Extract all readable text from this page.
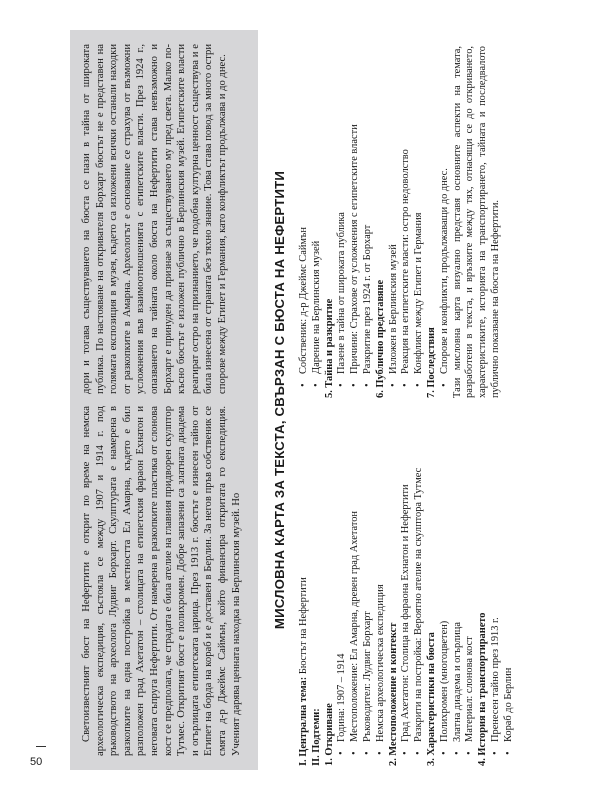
50

Светоизвестният бюст на Нефертити е открит по време на немска археологическа експедиция, състояла се между 1907 и 1914 г. под ръководството на археолога Лудвиг Борхарт. Скулптурата е намерена в разкопките на една постройка в местността Ел Амарна, където е бил разположен град Ахетатон – столицата на египетския фараон Ехнатон и неговата съпруга Нефертити. От намерена в разкопките пластика от слонова кост се предполага, че сградата е била ателие на главния придворен скулптор Тутмес. Откритият бюст е полихромен. Добре запазени са златната диадема и огърлицата египетската царица. През 1913 г. бюстът е изнесен тайно от Египет на борда на кораб и е доставен в Берлин. За негов пръв собственик се смята д-р Джеймс Саймън, който финансира откритата го експедиция. Ученият дарява ценната находка на Берлинския музей. Но

дори и тогава съществуването на бюста се пази в тайна от широката публика. По настояване на откривателя Борхарт бюстът не е представен на голямата експозиция в музея, където са изложени всички останали находки от разкопките в Амарна. Археологът е основание се страхува от възможни усложнения във взаимоотношенията с египетските власти. През 1924 г., опазването на тайната около бюста на Нефертити става невъзможно и Борхарт е принуден да признае за съществуването му пред света. Малко по-късно бюстът е изложен публично в Берлинския музей. Египетските власти реагират остро на признанието, че подобна културна ценност съществува и е била изнесена от страната без тяхно знание. Това става повод за много остри спорове между Египет и Германия, като конфликтът продължава и до днес.	МИСЛОВНА КАРТА ЗА ТЕКСТА, СВЪРЗАН С БЮСТА НА НЕФЕРТИТИ
I. Централна тема: Бюстът на Нефертити
II. Подтеми: 1. Откриване • Година: 1907 – 1914 • Местоположение: Ел Амарна, древен град Ахетатон • Ръководител: Лудвиг Борхарт • Немска археологическа експедиция 2. Местоположение и контекст • Град Ахетатон: Столица на фараона Ехнатон и Нефертити • Разкрити на постройка: Вероятно ателие на скулптора Тутмес 3. Характеристики на бюста • Полихромен (многоцветен) • Златна диадема и огърлица • Материал: слонова кост 4. История на транспортирането • Пренесен тайно през 1913 г. • Кораб до Берлин
• Собственик: д-р Джеймс Саймън • Дарение на Берлинския музей 5. Тайна и разкритие • Пазене в тайна от широката публика • Причини: Страхове от усложнения с египетските власти • Разкритие през 1924 г. от Борхарт 6. Публично представяне • Изложен в Берлинския музей • Реакция на египетските власти: остро недоволство • Конфликт между Египет и Германия 7. Последствия • Спорове и конфликти, продължаващи до днес. Тази мисловна карта визуално представя основните аспекти на темата, разработени в текста, и връзките между тях, отнасящи се до откриването, характеристиките, историята на транспортирането, тайната и последвалото публично показване на бюста на Нефертити.
